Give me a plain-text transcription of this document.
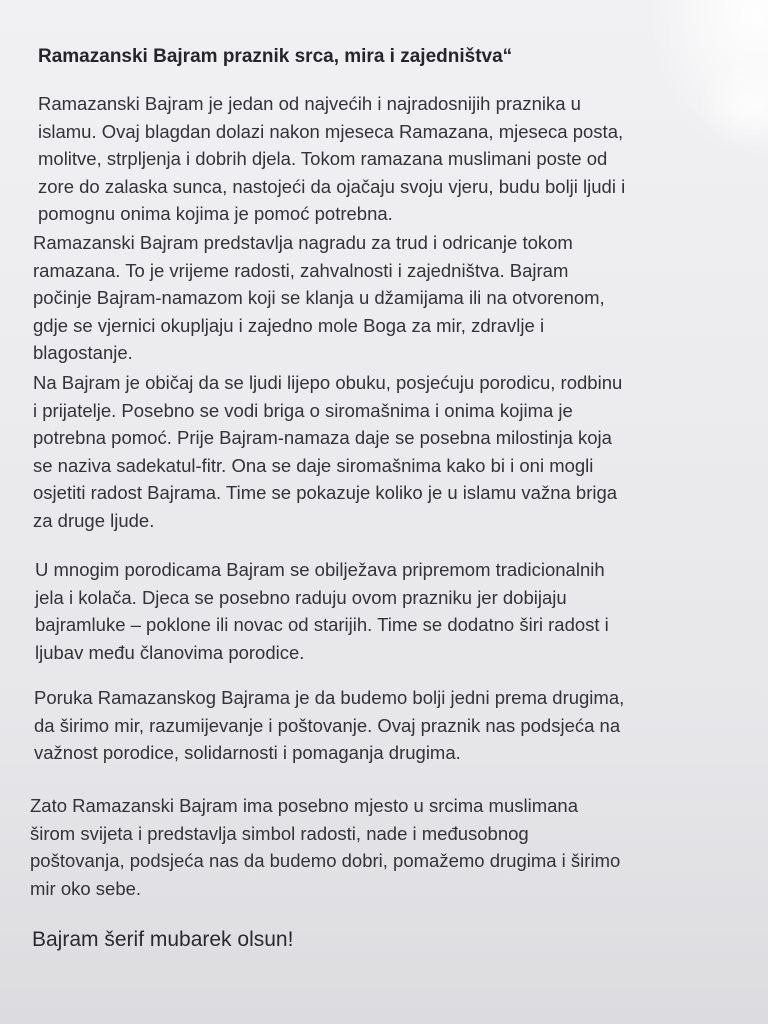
Ramazanski Bajram praznik srca, mira i zajedništva“
Ramazanski Bajram je jedan od najvećih i najradosnijih praznika u
islamu. Ovaj blagdan dolazi nakon mjeseca Ramazana, mjeseca posta,
molitve, strpljenja i dobrih djela. Tokom ramazana muslimani poste od
zore do zalaska sunca, nastojeći da ojačaju svoju vjeru, budu bolji ljudi i
pomognu onima kojima je pomoć potrebna.
Ramazanski Bajram predstavlja nagradu za trud i odricanje tokom
ramazana. To je vrijeme radosti, zahvalnosti i zajedništva. Bajram
počinje Bajram-namazom koji se klanja u džamijama ili na otvorenom,
gdje se vjernici okupljaju i zajedno mole Boga za mir, zdravlje i
blagostanje.
Na Bajram je običaj da se ljudi lijepo obuku, posjećuju porodicu, rodbinu
i prijatelje. Posebno se vodi briga o siromašnima i onima kojima je
potrebna pomoć. Prije Bajram-namaza daje se posebna milostinja koja
se naziva sadekatul-fitr. Ona se daje siromašnima kako bi i oni mogli
osjetiti radost Bajrama. Time se pokazuje koliko je u islamu važna briga
za druge ljude.
U mnogim porodicama Bajram se obilježava pripremom tradicionalnih
jela i kolača. Djeca se posebno raduju ovom prazniku jer dobijaju
bajramluke – poklone ili novac od starijih. Time se dodatno širi radost i
ljubav među članovima porodice.
Poruka Ramazanskog Bajrama je da budemo bolji jedni prema drugima,
da širimo mir, razumijevanje i poštovanje. Ovaj praznik nas podsjeća na
važnost porodice, solidarnosti i pomaganja drugima.
Zato Ramazanski Bajram ima posebno mjesto u srcima muslimana
širom svijeta i predstavlja simbol radosti, nade i međusobnog
poštovanja, podsjeća nas da budemo dobri, pomažemo drugima i širimo
mir oko sebe.
Bajram šerif mubarek olsun!
